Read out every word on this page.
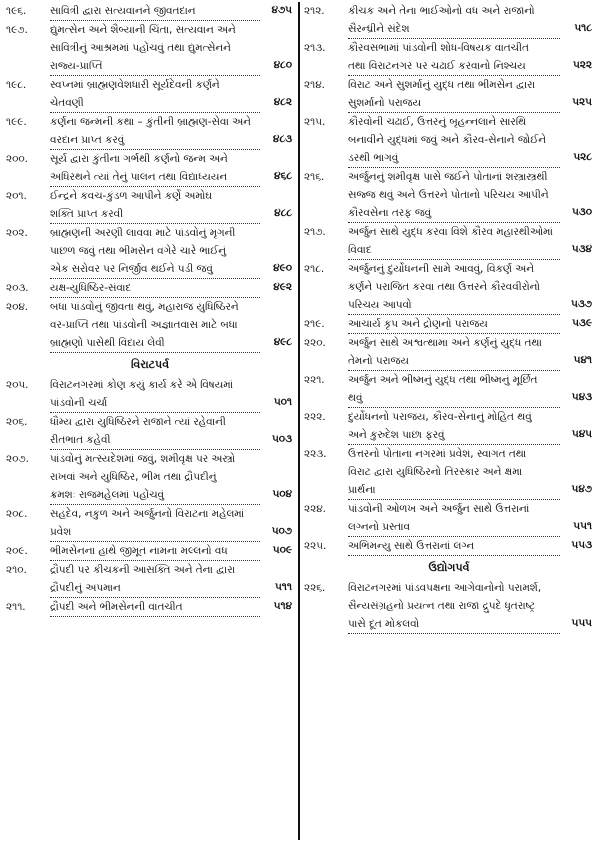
૧૯૬.	સાવિત્રી દ્વારા સત્યવાનને જીવતદાન	૪૭૫
૧૯૭.	દ્યુમત્સેન અને શૈબ્યાની ચિંતા, સત્યવાન અને
સાવિત્રીનું આશ્રમમાં પહોંચવું તથા દ્યુમત્સેનને
રાજ્ય-પ્રાપ્તિ	૪૮૦
૧૯૮.	સ્વપ્નમાં બ્રાહ્મણવેશધારી સૂર્યદેવની કર્ણને
ચેતવણી	૪૮૨
૧૯૯.	કર્ણના જન્મની કથા – કુંતીની બ્રાહ્મણ-સેવા અને
વરદાન પ્રાપ્ત કરવું	૪૮૩
૨૦૦.	સૂર્ય દ્વારા કુંતીના ગર્ભથી કર્ણનો જન્મ અને
અધિરથને ત્યાં તેનું પાલન તથા વિદ્યાધ્યયન	૪૬૮
૨૦૧.	ઈન્દ્રને કવચ-કુંડળ આપીને કર્ણે અમોઘ
શક્તિ પ્રાપ્ત કરવી	૪૮૮
૨૦૨.	બ્રાહ્મણની અરણી લાવવા માટે પાંડવોનું મૃગની
પાછળ જવું તથા ભીમસેન વગેરે ચારે ભાઈનું
એક સરોવર પર નિર્જીવ થઈને પડી જવું	૪૯૦
૨૦૩.	યક્ષ-યુધિષ્ઠિર-સંવાદ	૪૯૨
૨૦૪.	બધા પાંડવોનું જીવતા થવું, મહારાજ યુધિષ્ઠિરને
વર-પ્રાપ્તિ તથા પાંડવોની અજ્ઞાતવાસ માટે બધા
બ્રાહ્મણો પાસેથી વિદાય લેવી	૪૯૮
વિરાટપર્વ
૨૦૫.	વિરાટનગરમાં કોણ કયું કાર્ય કરે એ વિષયમાં
પાંડવોની ચર્ચા	૫૦૧
૨૦૬.	ધૌમ્ય દ્વારા યુધિષ્ઠિરને રાજાને ત્યાં રહેવાની
રીતભાત કહેવી	૫૦૩
૨૦૭.	પાંડવોનું મત્સ્યદેશમાં જવું, શમીવૃક્ષ પર અસ્ત્રો
રાખવાં અને યુધિષ્ઠિર, ભીમ તથા દ્રૌપદીનું
ક્રમશઃ રાજમહેલમાં પહોંચવું	૫૦૪
૨૦૮.	સહદેવ, નકુળ અને અર્જુનનો વિરાટના મહેલમાં
પ્રવેશ	૫૦૭
૨૦૯.	ભીમસેનના હાથે જીમૂત નામના મલ્લનો વધ	૫૦૯
૨૧૦.	દ્રૌપદી પર કીચકની આસક્તિ અને તેના દ્વારા
દ્રૌપદીનું અપમાન	૫૧૧
૨૧૧.	દ્રૌપદી અને ભીમસેનની વાતચીત	૫૧૪
૨૧૨.	કીચક અને તેના ભાઈઓનો વધ અને રાજાનો
સૈરન્ધ્રીને સંદેશ	૫૧૮
૨૧૩.	કૌરવસભામાં પાંડવોની શોધ-વિષયક વાતચીત
તથા વિરાટનગર પર ચઢાઈ કરવાનો નિશ્ચય	૫૨૨
૨૧૪.	વિરાટ અને સુશર્માનું યુદ્ધ તથા ભીમસેન દ્વારા
સુશર્માનો પરાજય	૫૨૫
૨૧૫.	કૌરવોની ચઢાઈ, ઉત્તરનું બૃહન્નલાને સારથિ
બનાવીને યુદ્ધમાં જવું અને કૌરવ-સેનાને જોઈને
ડરથી ભાગવું	૫૨૮
૨૧૬.	અર્જુનનું શમીવૃક્ષ પાસે જઈને પોતાનાં શસ્ત્રાસ્ત્રથી
સજ્જ થવું અને ઉત્તરને પોતાનો પરિચય આપીને
કૌરવસેના તરફ જવું	૫૩૦
૨૧૭.	અર્જુન સાથે યુદ્ધ કરવા વિશે કૌરવ મહારથીઓમાં
વિવાદ	૫૩૪
૨૧૮.	અર્જુનનું દુર્યોધનની સામે આવવું, વિકર્ણ અને
કર્ણને પરાજિત કરવા તથા ઉત્તરને કૌરવવીરોનો
પરિચય આપવો	૫૩૭
૨૧૯.	આચાર્ય કૃપ અને દ્રોણનો પરાજય	૫૩૯
૨૨૦.	અર્જુન સાથે અશ્વત્થામા અને કર્ણનું યુદ્ધ તથા
તેમનો પરાજય	૫૪૧
૨૨૧.	અર્જુન અને ભીષ્મનું યુદ્ધ તથા ભીષ્મનું મૂર્છિત
થવું	૫૪૩
૨૨૨.	દુર્યોધનનો પરાજય, કૌરવ-સેનાનું મોહિત થવું
અને કુરુદેશ પાછા ફરવું	૫૪૫
૨૨૩.	ઉત્તરનો પોતાના નગરમાં પ્રવેશ, સ્વાગત તથા
વિરાટ દ્વારા યુધિષ્ઠિરનો તિરસ્કાર અને ક્ષમા
પ્રાર્થના	૫૪૭
૨૨૪.	પાંડવોની ઓળખ અને અર્જુન સાથે ઉત્તરાનાં
લગ્નનો પ્રસ્તાવ	૫૫૧
૨૨૫.	અભિમન્યુ સાથે ઉત્તરાનાં લગ્ન	૫૫૩
ઉદ્યોગપર્વ
૨૨૬.	વિરાટનગરમાં પાંડવપક્ષના આગેવાનોનો પરામર્શ,
સૈન્યસંગ્રહનો પ્રયત્ન તથા રાજા દ્રુપદે ધૃતરાષ્ટ્ર
પાસે દૂત મોકલવો	૫૫૫
